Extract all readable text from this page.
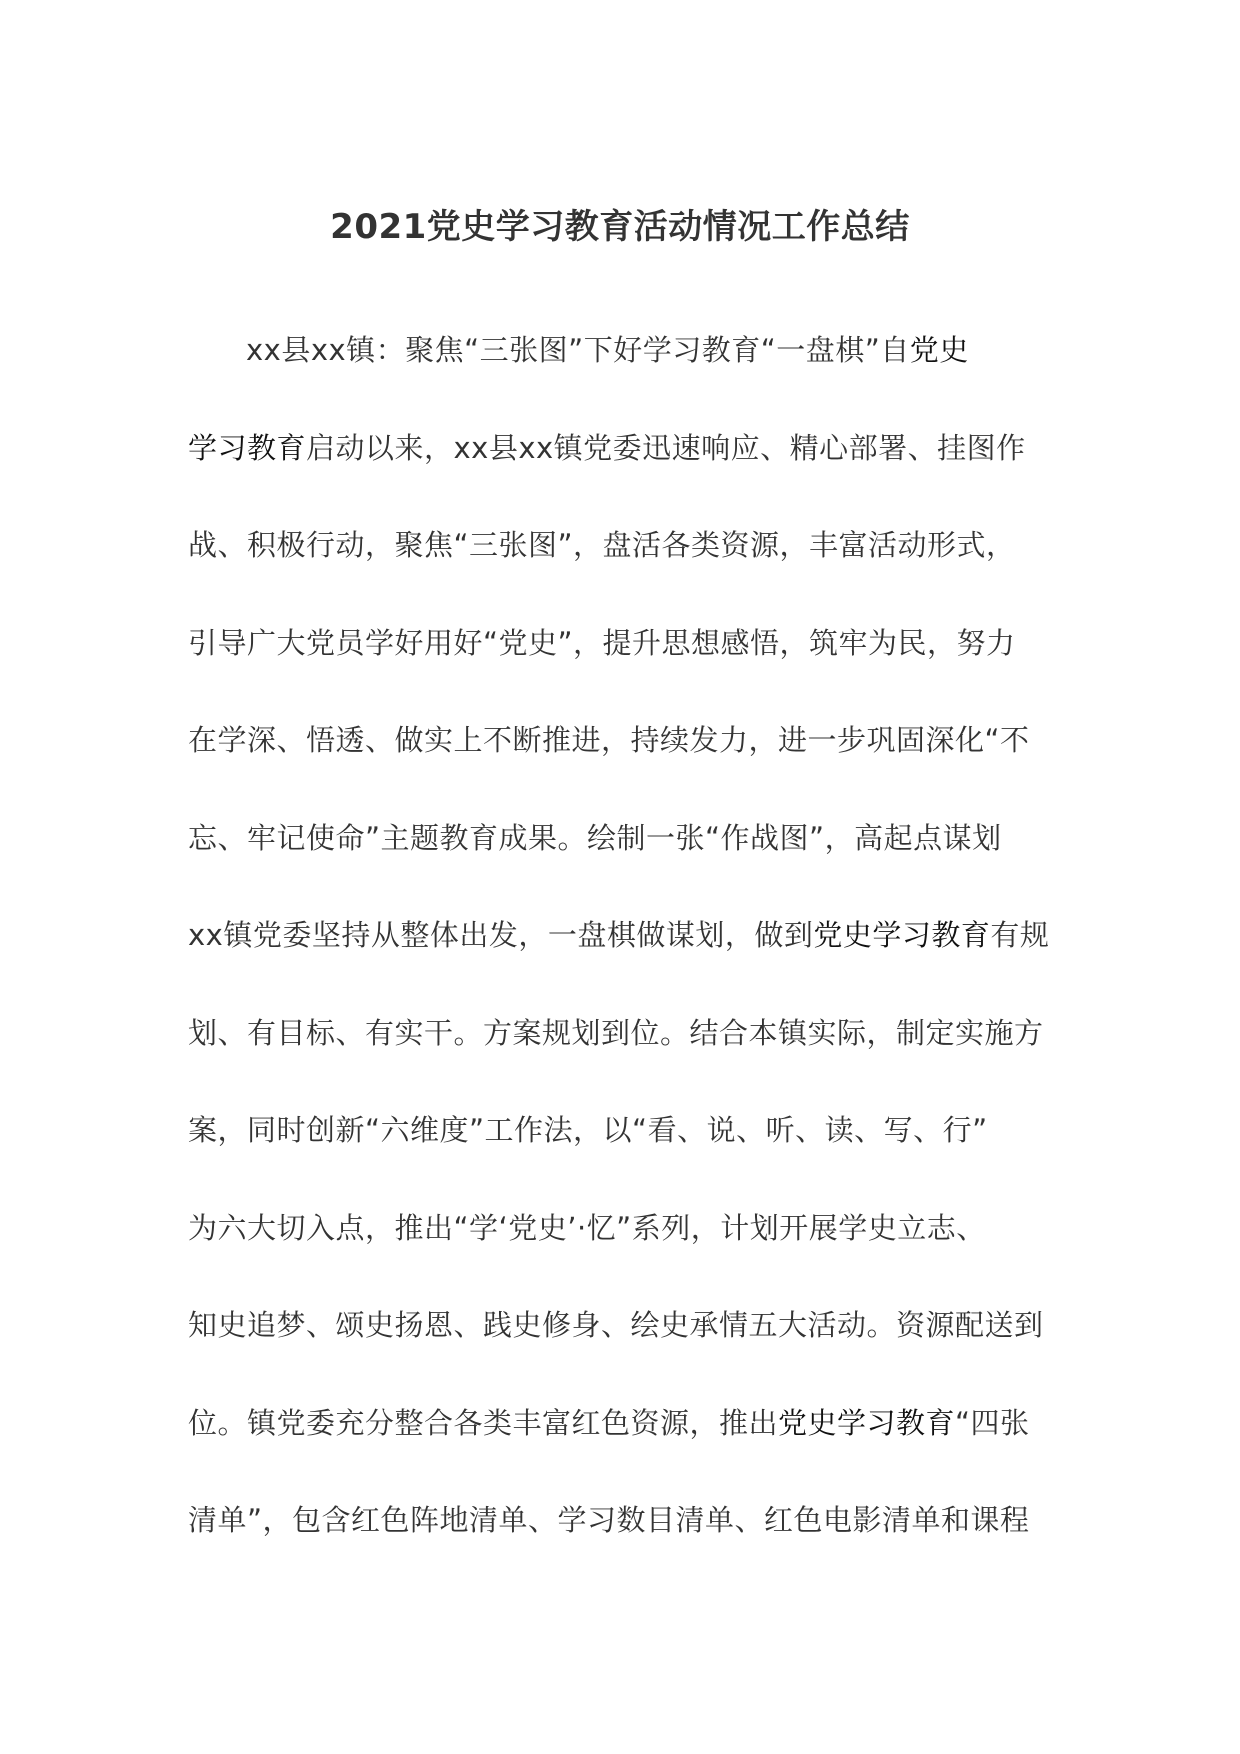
2021党史学习教育活动情况工作总结
xx县xx镇：聚焦“三张图”下好学习教育“一盘棋”自党史
学习教育启动以来，xx县xx镇党委迅速响应、精心部署、挂图作
战、积极行动，聚焦“三张图”，盘活各类资源，丰富活动形式，
引导广大党员学好用好“党史”，提升思想感悟，筑牢为民，努力
在学深、悟透、做实上不断推进，持续发力，进一步巩固深化“不
忘、牢记使命”主题教育成果。绘制一张“作战图”，高起点谋划
xx镇党委坚持从整体出发，一盘棋做谋划，做到党史学习教育有规
划、有目标、有实干。方案规划到位。结合本镇实际，制定实施方
案，同时创新“六维度”工作法，以“看、说、听、读、写、行”
为六大切入点，推出“学‘党史’·忆”系列，计划开展学史立志、
知史追梦、颂史扬恩、践史修身、绘史承情五大活动。资源配送到
位。镇党委充分整合各类丰富红色资源，推出党史学习教育“四张
清单”，包含红色阵地清单、学习数目清单、红色电影清单和课程
